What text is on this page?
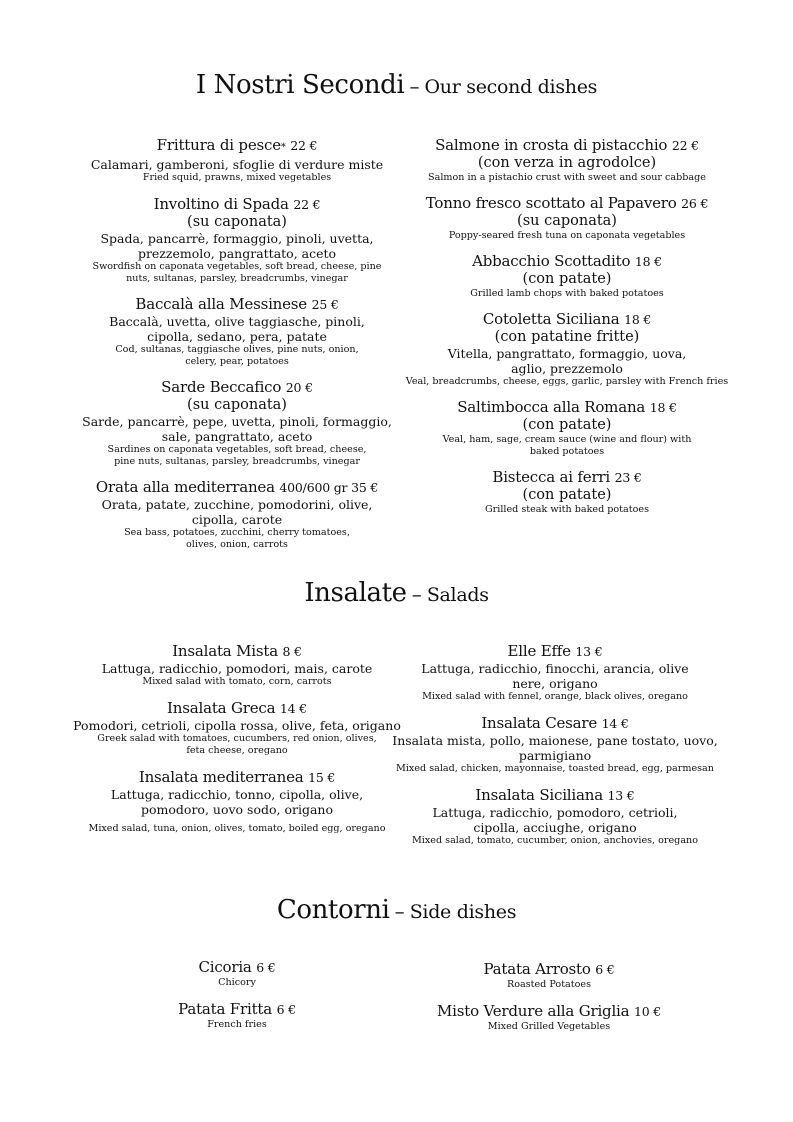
I Nostri Secondi – Our second dishes
Frittura di pesce* 22 €
Calamari, gamberoni, sfoglie di verdure miste
Fried squid, prawns, mixed vegetables
Involtino di Spada 22 €
(su caponata)
Spada, pancarrè, formaggio, pinoli, uvetta, prezzemolo, pangrattato, aceto
Swordfish on caponata vegetables, soft bread, cheese, pine nuts, sultanas, parsley, breadcrumbs, vinegar
Baccalà alla Messinese 25 €
Baccalà, uvetta, olive taggiasche, pinoli, cipolla, sedano, pera, patate
Cod, sultanas, taggiasche olives, pine nuts, onion, celery, pear, potatoes
Sarde Beccafico 20 €
(su caponata)
Sarde, pancarrè, pepe, uvetta, pinoli, formaggio, sale, pangrattato, aceto
Sardines on caponata vegetables, soft bread, cheese, pine nuts, sultanas, parsley, breadcrumbs, vinegar
Orata alla mediterranea 400/600 gr 35 €
Orata, patate, zucchine, pomodorini, olive, cipolla, carote
Sea bass, potatoes, zucchini, cherry tomatoes, olives, onion, carrots
Salmone in crosta di pistacchio 22 €
(con verza in agrodolce)
Salmon in a pistachio crust with sweet and sour cabbage
Tonno fresco scottato al Papavero 26 €
(su caponata)
Poppy-seared fresh tuna on caponata vegetables
Abbacchio Scottadito 18 €
(con patate)
Grilled lamb chops with baked potatoes
Cotoletta Siciliana 18 €
(con patatine fritte)
Vitella, pangrattato, formaggio, uova, aglio, prezzemolo
Veal, breadcrumbs, cheese, eggs, garlic, parsley with French fries
Saltimbocca alla Romana 18 €
(con patate)
Veal, ham, sage, cream sauce (wine and flour) with baked potatoes
Bistecca ai ferri 23 €
(con patate)
Grilled steak with baked potatoes
Insalate – Salads
Insalata Mista 8 €
Lattuga, radicchio, pomodori, mais, carote
Mixed salad with tomato, corn, carrots
Insalata Greca 14 €
Pomodori, cetrioli, cipolla rossa, olive, feta, origano
Greek salad with tomatoes, cucumbers, red onion, olives, feta cheese, oregano
Insalata mediterranea 15 €
Lattuga, radicchio, tonno, cipolla, olive, pomodoro, uovo sodo, origano
Mixed salad, tuna, onion, olives, tomato, boiled egg, oregano
Elle Effe 13 €
Lattuga, radicchio, finocchi, arancia, olive nere, origano
Mixed salad with fennel, orange, black olives, oregano
Insalata Cesare 14 €
Insalata mista, pollo, maionese, pane tostato, uovo, parmigiano
Mixed salad, chicken, mayonnaise, toasted bread, egg, parmesan
Insalata Siciliana 13 €
Lattuga, radicchio, pomodoro, cetrioli, cipolla, acciughe, origano
Mixed salad, tomato, cucumber, onion, anchovies, oregano
Contorni – Side dishes
Cicoria 6 €
Chicory
Patata Fritta 6 €
French fries
Patata Arrosto 6 €
Roasted Potatoes
Misto Verdure alla Griglia 10 €
Mixed Grilled Vegetables
